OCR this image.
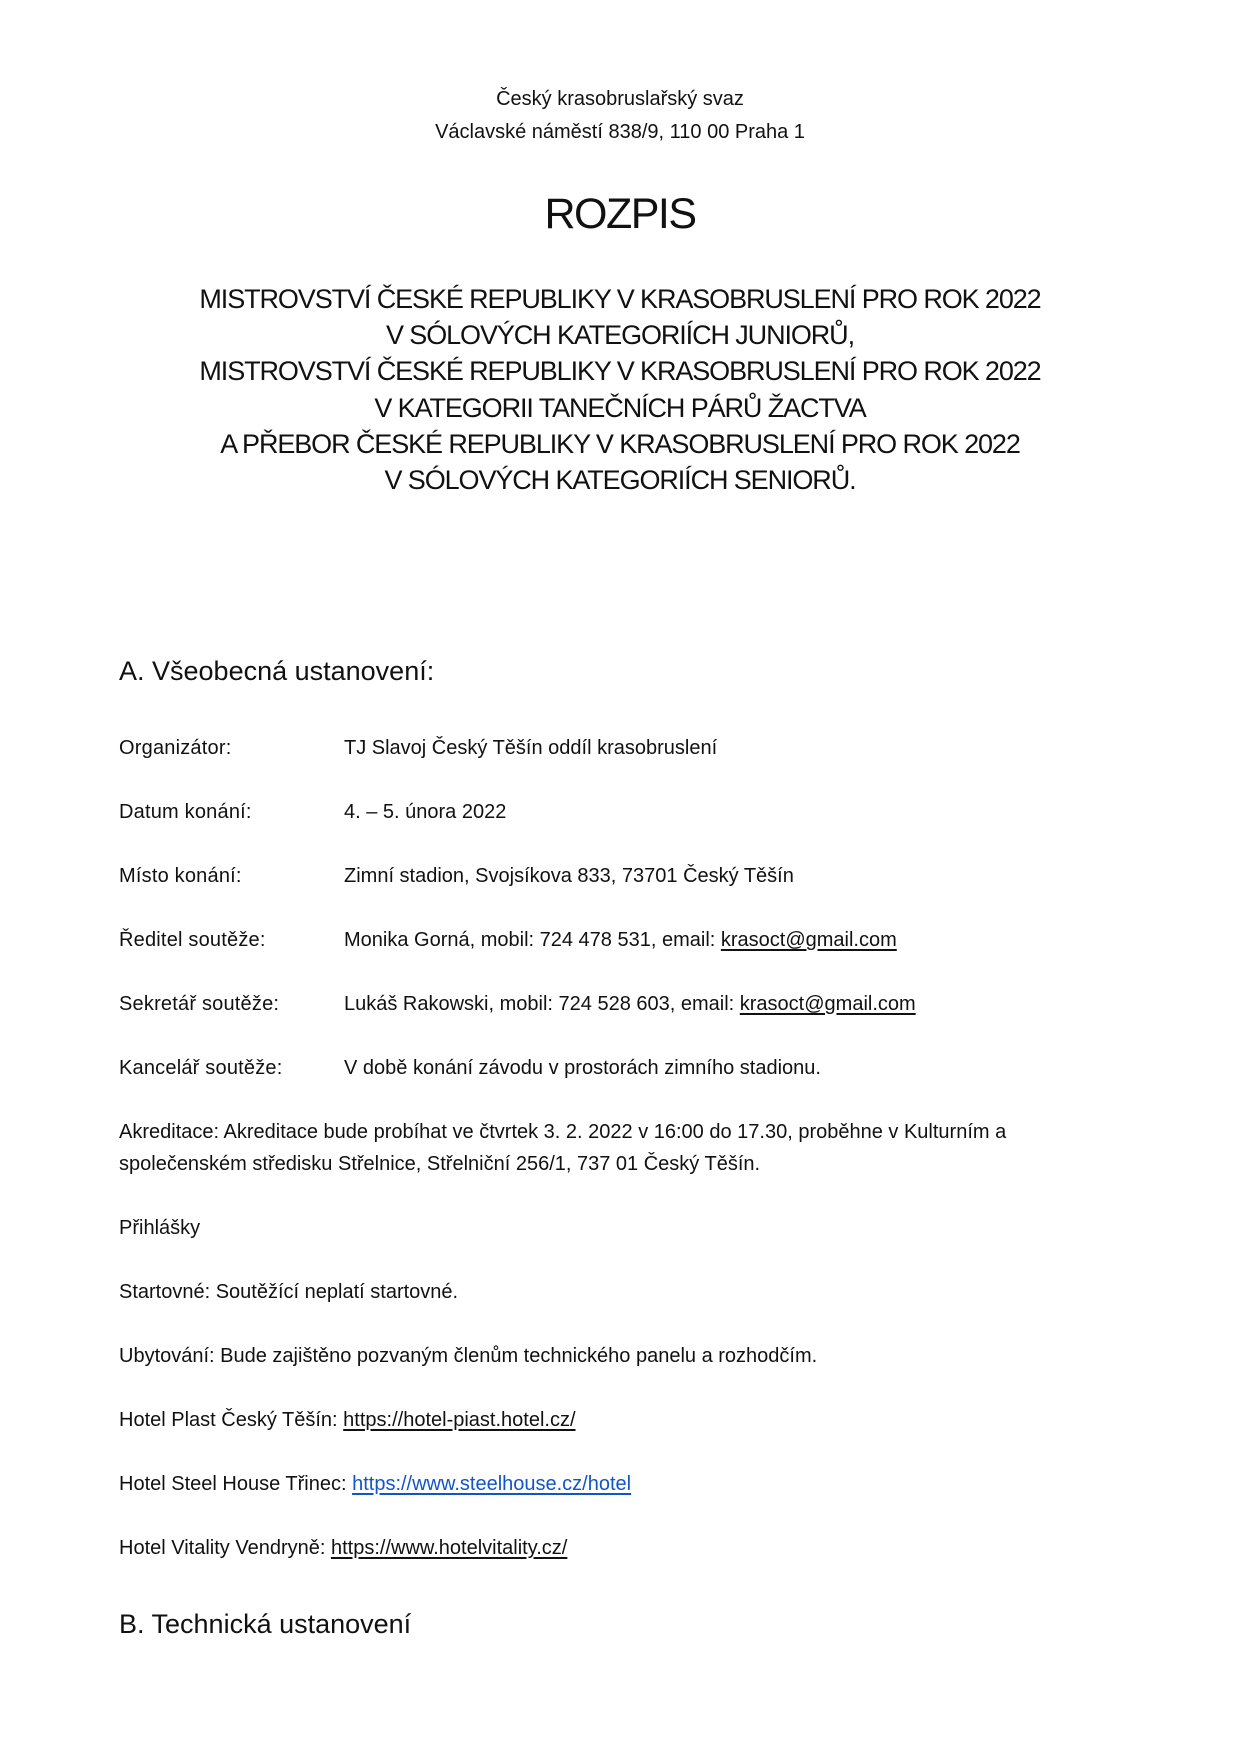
Český krasobruslařský svaz
Václavské náměstí 838/9, 110 00 Praha 1
ROZPIS
MISTROVSTVÍ ČESKÉ REPUBLIKY V KRASOBRUSLENÍ PRO ROK 2022
V SÓLOVÝCH KATEGORIÍCH JUNIORŮ,
MISTROVSTVÍ ČESKÉ REPUBLIKY V KRASOBRUSLENÍ PRO ROK 2022
V KATEGORII TANEČNÍCH PÁRŮ ŽACTVA
A PŘEBOR ČESKÉ REPUBLIKY V KRASOBRUSLENÍ PRO ROK 2022
V SÓLOVÝCH KATEGORIÍCH SENIORŮ.
A. Všeobecná ustanovení:
Organizátor:	TJ Slavoj Český Těšín oddíl krasobruslení
Datum konání:	4. – 5. února 2022
Místo konání:	Zimní stadion, Svojsíkova 833, 73701 Český Těšín
Ředitel soutěže:	Monika Gorná, mobil: 724 478 531, email: krasoct@gmail.com
Sekretář soutěže:	Lukáš Rakowski, mobil: 724 528 603, email: krasoct@gmail.com
Kancelář soutěže:	V době konání závodu v prostorách zimního stadionu.
Akreditace: Akreditace bude probíhat ve čtvrtek 3. 2. 2022 v 16:00 do 17.30, proběhne v Kulturním a
společenském středisku Střelnice, Střelniční 256/1, 737 01 Český Těšín.
Přihlášky
Startovné: Soutěžící neplatí startovné.
Ubytování: Bude zajištěno pozvaným členům technického panelu a rozhodčím.
Hotel Plast Český Těšín: https://hotel-piast.hotel.cz/
Hotel Steel House Třinec: https://www.steelhouse.cz/hotel
Hotel Vitality Vendryně: https://www.hotelvitality.cz/
B. Technická ustanovení
